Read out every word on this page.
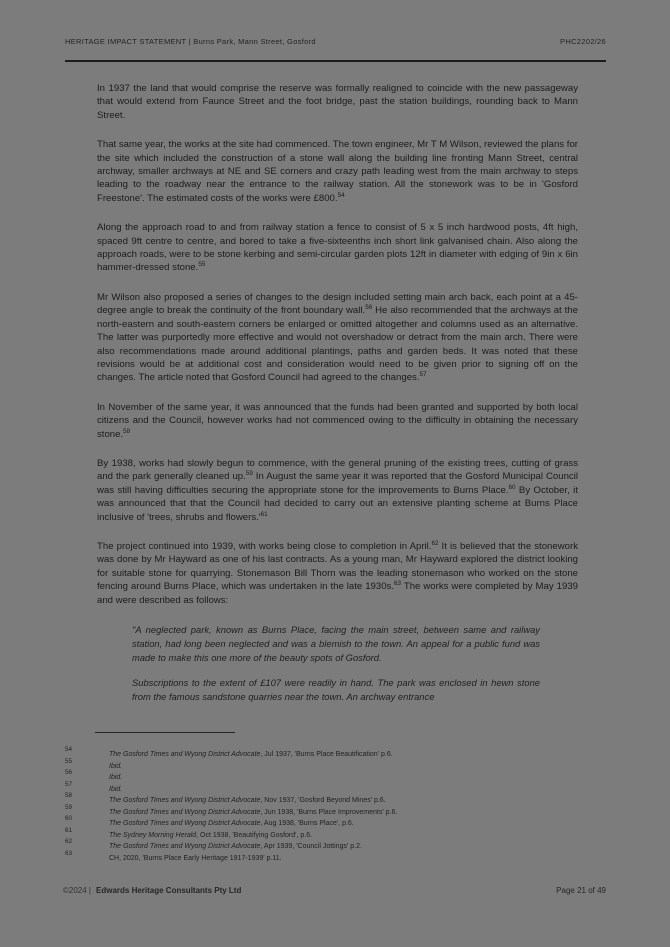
HERITAGE IMPACT STATEMENT | Burns Park, Mann Street, Gosford	PHC2202/26

In 1937 the land that would comprise the reserve was formally realigned to coincide with the new passageway that would extend from Faunce Street and the foot bridge, past the station buildings, rounding back to Mann Street.

That same year, the works at the site had commenced. The town engineer, Mr T M Wilson, reviewed the plans for the site which included the construction of a stone wall along the building line fronting Mann Street, central archway, smaller archways at NE and SE corners and crazy path leading west from the main archway to steps leading to the roadway near the entrance to the railway station. All the stonework was to be in 'Gosford Freestone'. The estimated costs of the works were £800.54

Along the approach road to and from railway station a fence to consist of 5 x 5 inch hardwood posts, 4ft high, spaced 9ft centre to centre, and bored to take a five-sixteenths inch short link galvanised chain. Also along the approach roads, were to be stone kerbing and semi-circular garden plots 12ft in diameter with edging of 9in x 6in hammer-dressed stone.$^{55}$

Mr Wilson also proposed a series of changes to the design included setting main arch back, each point at a 45-degree angle to break the continuity of the front boundary wall.$^{56}$ He also recommended that the archways at the north-eastern and south-eastern corners be enlarged or omitted altogether and columns used as an alternative. The latter was purportedly more effective and would not overshadow or detract from the main arch. There were also recommendations made around additional plantings, paths and garden beds. It was noted that these revisions would be at additional cost and consideration would need to be given prior to signing off on the changes. The article noted that Gosford Council had agreed to the changes.$^{57}$

In November of the same year, it was announced that the funds had been granted and supported by both local citizens and the Council, however works had not commenced owing to the difficulty in obtaining the necessary stone.$^{58}$

By 1938, works had slowly begun to commence, with the general pruning of the existing trees, cutting of grass and the park generally cleaned up.$^{59}$ In August the same year it was reported that the Gosford Municipal Council was still having difficulties securing the appropriate stone for the improvements to Burns Place.$^{60}$ By October, it was announced that that the Council had decided to carry out an extensive planting scheme at Burns Place inclusive of 'trees, shrubs and $flowers.'^{61}$

The project continued into 1939, with works being close to completion in April.$^{62}$ It is believed that the stonework was done by Mr Hayward as one of his last contracts. As a young man, Mr Hayward explored the district looking for suitable stone for quarrying. Stonemason Bill Thorn was the leading stonemason who worked on the stone fencing around Burns Place, which was undertaken in the late 1930s.$^{63}$ The works were completed by May 1939 and were described as follows:

"A neglected park, known as Burns Place, facing the main street, between same and railway station, had long been neglected and was a blemish to the town. An appeal for a public fund was made to make this one more of the beauty spots of Gosford.

Subscriptions to the extent of £107 were readily in hand. The park was enclosed in hewn stone from the famous sandstone quarries near the town. An archway entrance

54
The Gosford Times and Wyong District Advocate, Jul 1937, 'Burns Place Beautification' p.6.
55
Ibid.
56
Ibid.
57
Ibid.
58
The Gosford Times and Wyong District Advocate, Nov 1937, 'Gosford Beyond Mines' p.6.
59
The Gosford Times and Wyong District Advocate, Jun 1938, 'Burns Place Improvements' p.6.
60
The Gosford Times and Wyong District Advocate, Aug 1938, 'Burns Place', p.6.
61
The Sydney Morning Herald, Oct 1938, 'Beautifying Gosford', p.6.
62
The Gosford Times and Wyong District Advocate, Apr 1939, 'Council Jottings' p.2.
63
CH, 2020, 'Burns Place Early Heritage 1917-1939' p.11.
©2024 | Edwards Heritage Consultants Pty Ltd	Page 21 of 49
